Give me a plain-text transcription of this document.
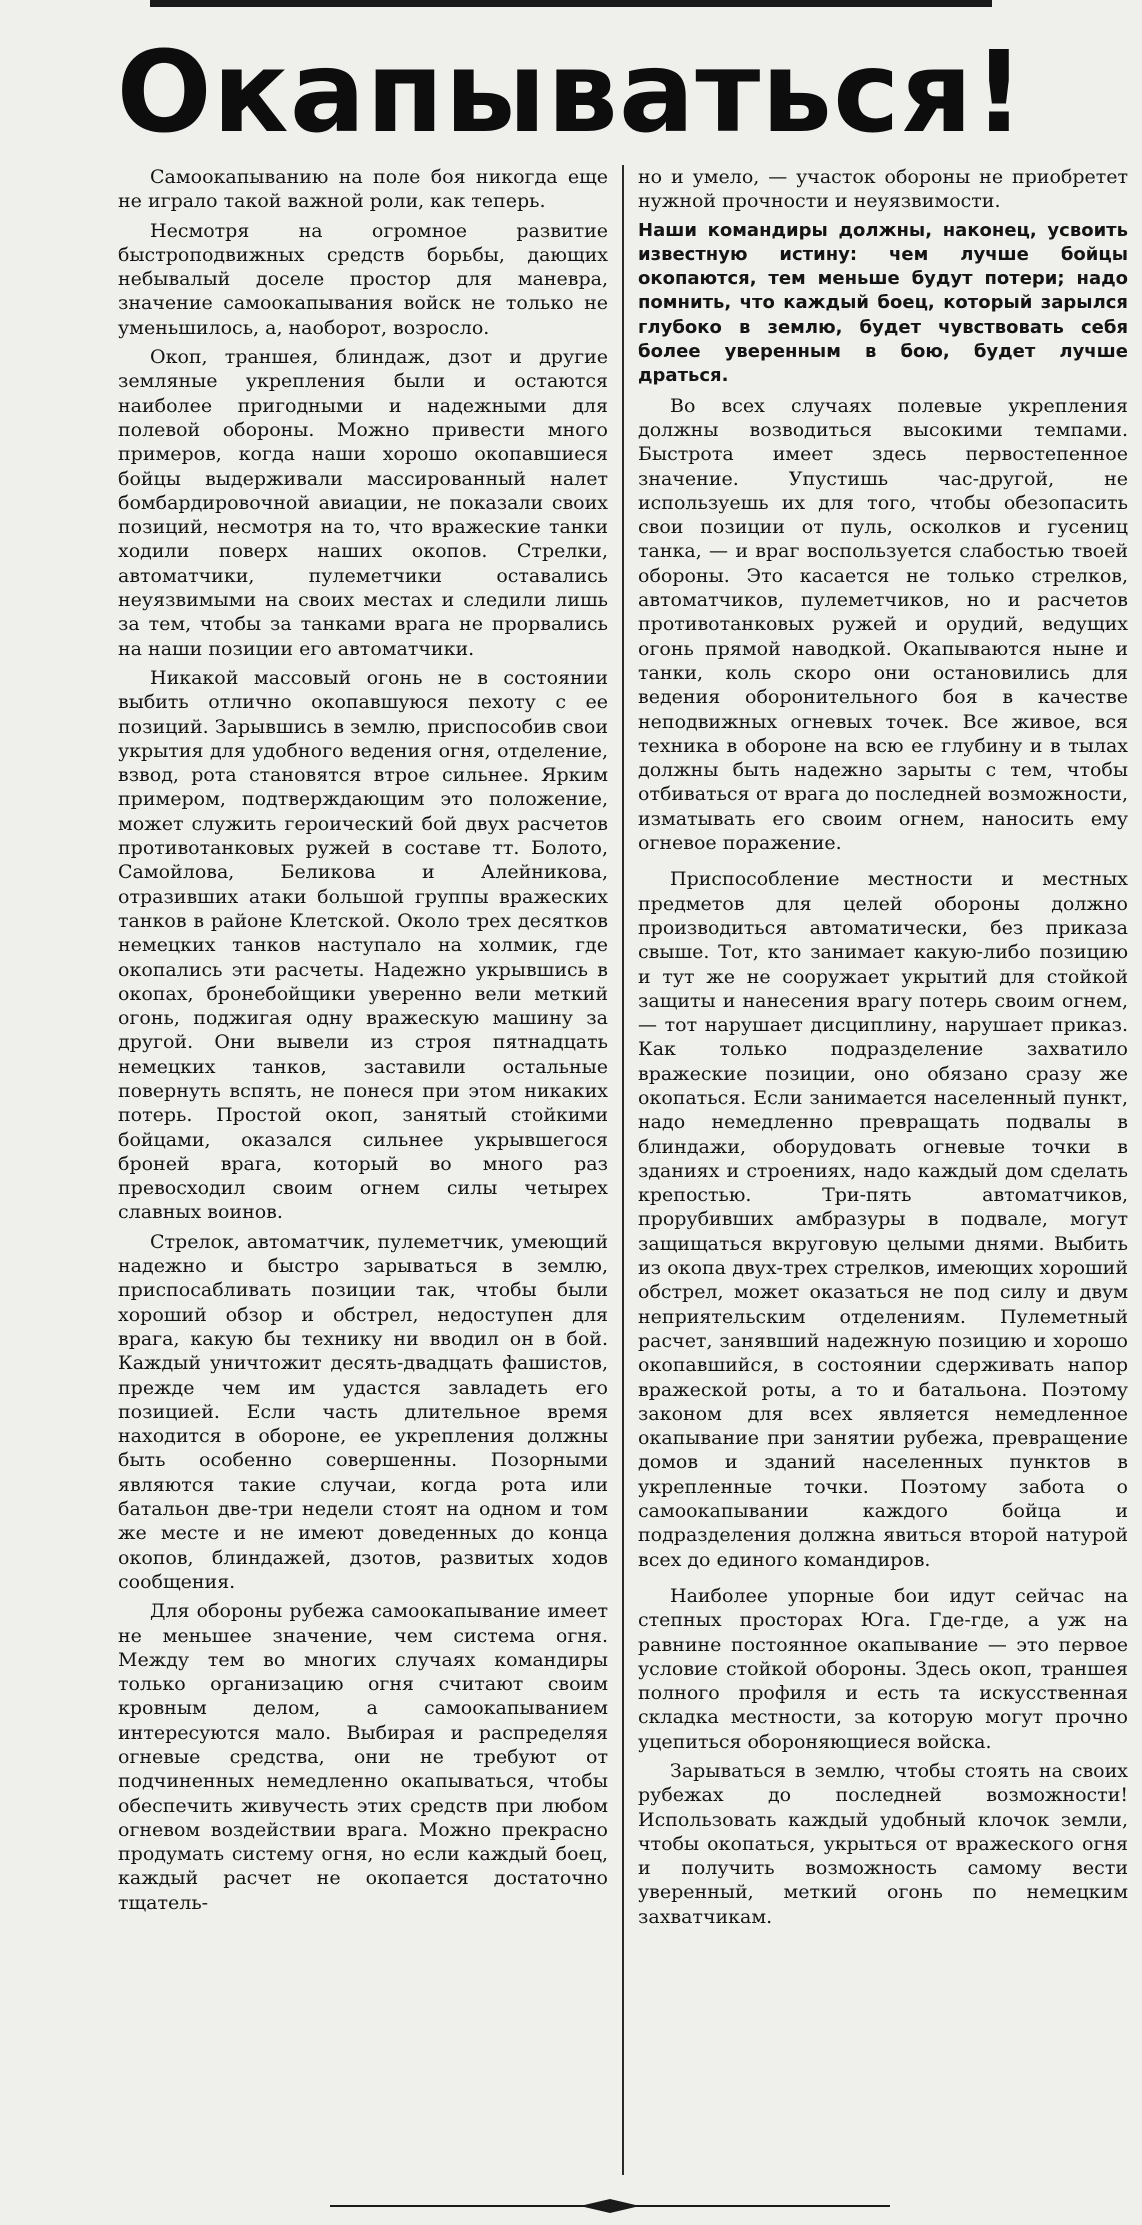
Окапываться!

Самоокапыванию на поле боя никогда еще не играло такой важной роли, как теперь.

Несмотря на огромное развитие быстроподвижных средств борьбы, дающих небывалый доселе простор для маневра, значение самоокапывания войск не только не уменьшилось, а, наоборот, возросло.

Окоп, траншея, блиндаж, дзот и другие земляные укрепления были и остаются наиболее пригодными и надежными для полевой обороны. Можно привести много примеров, когда наши хорошо окопавшиеся бойцы выдерживали массированный налет бомбардировочной авиации, не показали своих позиций, несмотря на то, что вражеские танки ходили поверх наших окопов. Стрелки, автоматчики, пулеметчики оставались неуязвимыми на своих местах и следили лишь за тем, чтобы за танками врага не прорвались на наши позиции его автоматчики.

Никакой массовый огонь не в состоянии выбить отлично окопавшуюся пехоту с ее позиций. Зарывшись в землю, приспособив свои укрытия для удобного ведения огня, отделение, взвод, рота становятся втрое сильнее. Ярким примером, подтверждающим это положение, может служить героический бой двух расчетов противотанковых ружей в составе тт. Болото, Самойлова, Беликова и Алейникова, отразивших атаки большой группы вражеских танков в районе Клетской. Около трех десятков немецких танков наступало на холмик, где окопались эти расчеты. Надежно укрывшись в окопах, бронебойщики уверенно вели меткий огонь, поджигая одну вражескую машину за другой. Они вывели из строя пятнадцать немецких танков, заставили остальные повернуть вспять, не понеся при этом никаких потерь. Простой окоп, занятый стойкими бойцами, оказался сильнее укрывшегося броней врага, который во много раз превосходил своим огнем силы четырех славных воинов.

Стрелок, автоматчик, пулеметчик, умеющий надежно и быстро зарываться в землю, приспосабливать позиции так, чтобы были хороший обзор и обстрел, недоступен для врага, какую бы технику ни вводил он в бой. Каждый уничтожит десять-двадцать фашистов, прежде чем им удастся завладеть его позицией. Если часть длительное время находится в обороне, ее укрепления должны быть особенно совершенны. Позорными являются такие случаи, когда рота или батальон две-три недели стоят на одном и том же месте и не имеют доведенных до конца окопов, блиндажей, дзотов, развитых ходов сообщения.

Для обороны рубежа самоокапывание имеет не меньшее значение, чем система огня. Между тем во многих случаях командиры только организацию огня считают своим кровным делом, а самоокапыванием интересуются мало. Выбирая и распределяя огневые средства, они не требуют от подчиненных немедленно окапываться, чтобы обеспечить живучесть этих средств при любом огневом воздействии врага. Можно прекрасно продумать систему огня, но если каждый боец, каждый расчет не окопается достаточно тщатель-

но и умело, — участок обороны не приобретет нужной прочности и неуязвимости.

Наши командиры должны, наконец, усвоить известную истину: чем лучше бойцы окопаются, тем меньше будут потери; надо помнить, что каждый боец, который зарылся глубоко в землю, будет чувствовать себя более уверенным в бою, будет лучше драться.

Во всех случаях полевые укрепления должны возводиться высокими темпами. Быстрота имеет здесь первостепенное значение. Упустишь час-другой, не используешь их для того, чтобы обезопасить свои позиции от пуль, осколков и гусениц танка, — и враг воспользуется слабостью твоей обороны. Это касается не только стрелков, автоматчиков, пулеметчиков, но и расчетов противотанковых ружей и орудий, ведущих огонь прямой наводкой. Окапываются ныне и танки, коль скоро они остановились для ведения оборонительного боя в качестве неподвижных огневых точек. Все живое, вся техника в обороне на всю ее глубину и в тылах должны быть надежно зарыты с тем, чтобы отбиваться от врага до последней возможности, изматывать его своим огнем, наносить ему огневое поражение.

Приспособление местности и местных предметов для целей обороны должно производиться автоматически, без приказа свыше. Тот, кто занимает какую-либо позицию и тут же не сооружает укрытий для стойкой защиты и нанесения врагу потерь своим огнем, — тот нарушает дисциплину, нарушает приказ. Как только подразделение захватило вражеские позиции, оно обязано сразу же окопаться. Если занимается населенный пункт, надо немедленно превращать подвалы в блиндажи, оборудовать огневые точки в зданиях и строениях, надо каждый дом сделать крепостью. Три-пять автоматчиков, прорубивших амбразуры в подвале, могут защищаться вкруговую целыми днями. Выбить из окопа двух-трех стрелков, имеющих хороший обстрел, может оказаться не под силу и двум неприятельским отделениям. Пулеметный расчет, занявший надежную позицию и хорошо окопавшийся, в состоянии сдерживать напор вражеской роты, а то и батальона. Поэтому законом для всех является немедленное окапывание при занятии рубежа, превращение домов и зданий населенных пунктов в укрепленные точки. Поэтому забота о самоокапывании каждого бойца и подразделения должна явиться второй натурой всех до единого командиров.

Наиболее упорные бои идут сейчас на степных просторах Юга. Где-где, а уж на равнине постоянное окапывание — это первое условие стойкой обороны. Здесь окоп, траншея полного профиля и есть та искусственная складка местности, за которую могут прочно уцепиться обороняющиеся войска.

Зарываться в землю, чтобы стоять на своих рубежах до последней возможности! Использовать каждый удобный клочок земли, чтобы окопаться, укрыться от вражеского огня и получить возможность самому вести уверенный, меткий огонь по немецким захватчикам.
